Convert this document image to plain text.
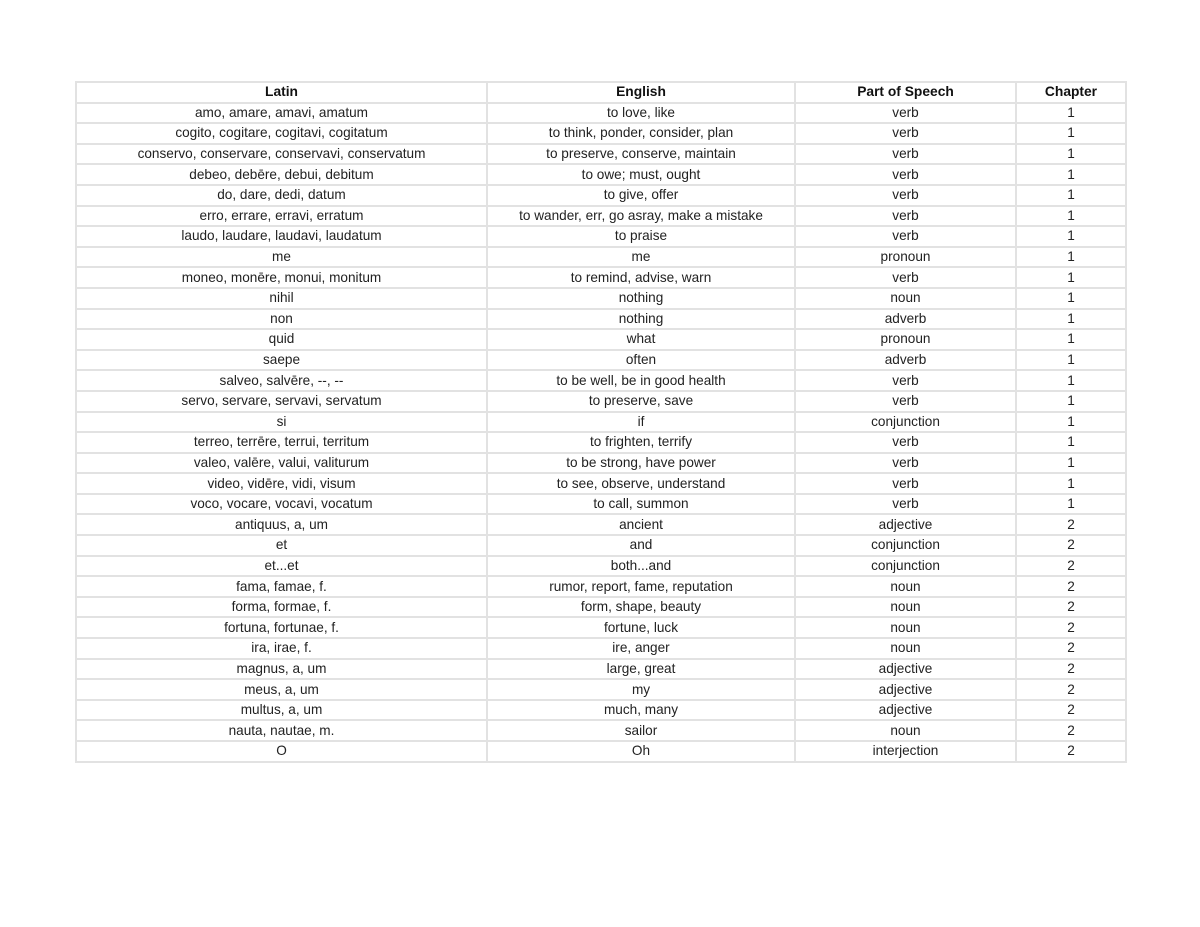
Latin	English	Part of Speech	Chapter
amo, amare, amavi, amatum	to love, like	verb	1
cogito, cogitare, cogitavi, cogitatum	to think, ponder, consider, plan	verb	1
conservo, conservare, conservavi, conservatum	to preserve, conserve, maintain	verb	1
debeo, debēre, debui, debitum	to owe; must, ought	verb	1
do, dare, dedi, datum	to give, offer	verb	1
erro, errare, erravi, erratum	to wander, err, go asray, make a mistake	verb	1
laudo, laudare, laudavi, laudatum	to praise	verb	1
me	me	pronoun	1
moneo, monēre, monui, monitum	to remind, advise, warn	verb	1
nihil	nothing	noun	1
non	nothing	adverb	1
quid	what	pronoun	1
saepe	often	adverb	1
salveo, salvēre, --, --	to be well, be in good health	verb	1
servo, servare, servavi, servatum	to preserve, save	verb	1
si	if	conjunction	1
terreo, terrēre, terrui, territum	to frighten, terrify	verb	1
valeo, valēre, valui, valiturum	to be strong, have power	verb	1
video, vidēre, vidi, visum	to see, observe, understand	verb	1
voco, vocare, vocavi, vocatum	to call, summon	verb	1
antiquus, a, um	ancient	adjective	2
et	and	conjunction	2
et...et	both...and	conjunction	2
fama, famae, f.	rumor, report, fame, reputation	noun	2
forma, formae, f.	form, shape, beauty	noun	2
fortuna, fortunae, f.	fortune, luck	noun	2
ira, irae, f.	ire, anger	noun	2
magnus, a, um	large, great	adjective	2
meus, a, um	my	adjective	2
multus, a, um	much, many	adjective	2
nauta, nautae, m.	sailor	noun	2
O	Oh	interjection	2
